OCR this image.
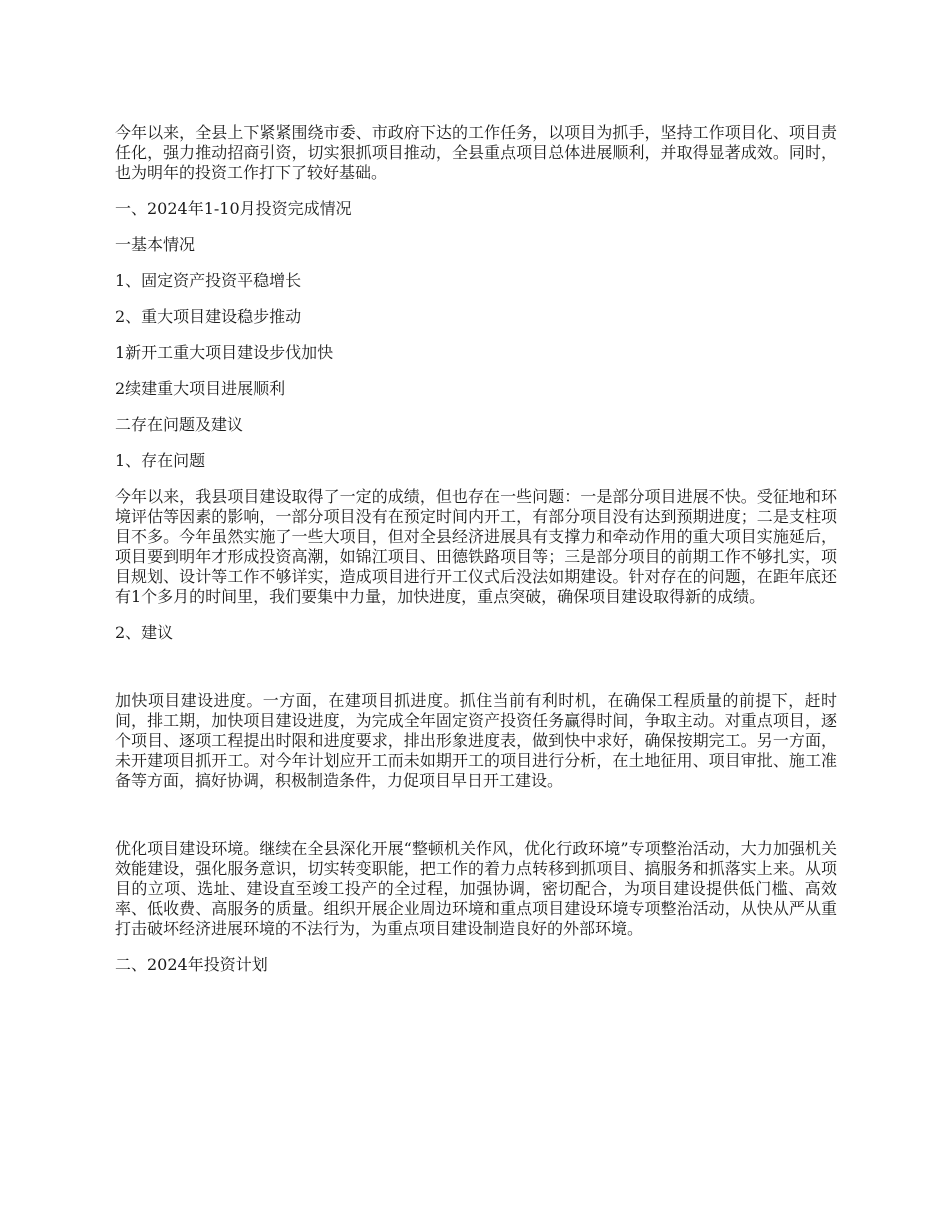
今年以来，全县上下紧紧围绕市委、市政府下达的工作任务，以项目为抓手，坚持工作项目化、项目责任化，强力推动招商引资，切实狠抓项目推动，全县重点项目总体进展顺利，并取得显著成效。同时，也为明年的投资工作打下了较好基础。

一、2024年1-10月投资完成情况

一基本情况

1、固定资产投资平稳增长

2、重大项目建设稳步推动

1新开工重大项目建设步伐加快

2续建重大项目进展顺利

二存在问题及建议

1、存在问题

今年以来，我县项目建设取得了一定的成绩，但也存在一些问题：一是部分项目进展不快。受征地和环境评估等因素的影响，一部分项目没有在预定时间内开工，有部分项目没有达到预期进度；二是支柱项目不多。今年虽然实施了一些大项目，但对全县经济进展具有支撑力和牵动作用的重大项目实施延后，项目要到明年才形成投资高潮，如锦江项目、田德铁路项目等；三是部分项目的前期工作不够扎实，项目规划、设计等工作不够详实，造成项目进行开工仪式后没法如期建设。针对存在的问题，在距年底还有1个多月的时间里，我们要集中力量，加快进度，重点突破，确保项目建设取得新的成绩。

2、建议

加快项目建设进度。一方面，在建项目抓进度。抓住当前有利时机，在确保工程质量的前提下，赶时间，排工期，加快项目建设进度，为完成全年固定资产投资任务赢得时间，争取主动。对重点项目，逐个项目、逐项工程提出时限和进度要求，排出形象进度表，做到快中求好，确保按期完工。另一方面，未开建项目抓开工。对今年计划应开工而未如期开工的项目进行分析，在土地征用、项目审批、施工准备等方面，搞好协调，积极制造条件，力促项目早日开工建设。

优化项目建设环境。继续在全县深化开展“整顿机关作风，优化行政环境”专项整治活动，大力加强机关效能建设，强化服务意识，切实转变职能，把工作的着力点转移到抓项目、搞服务和抓落实上来。从项目的立项、选址、建设直至竣工投产的全过程，加强协调，密切配合，为项目建设提供低门槛、高效率、低收费、高服务的质量。组织开展企业周边环境和重点项目建设环境专项整治活动，从快从严从重打击破坏经济进展环境的不法行为，为重点项目建设制造良好的外部环境。

二、2024年投资计划
